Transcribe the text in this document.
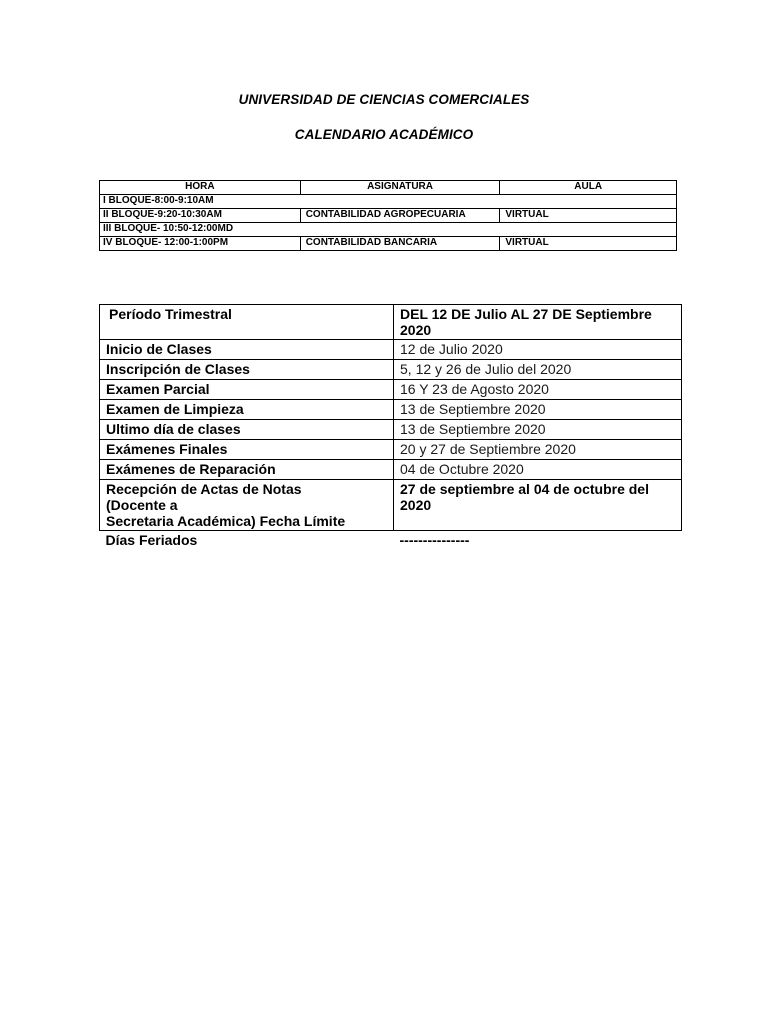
UNIVERSIDAD DE CIENCIAS COMERCIALES
CALENDARIO ACADÉMICO
HORA	ASIGNATURA	AULA
I BLOQUE-8:00-9:10AM		
II BLOQUE-9:20-10:30AM	CONTABILIDAD AGROPECUARIA	VIRTUAL
III BLOQUE- 10:50-12:00MD		
IV BLOQUE- 12:00-1:00PM	CONTABILIDAD BANCARIA	VIRTUAL
Período Trimestral	DEL 12 DE Julio AL 27 DE Septiembre 2020
Inicio de Clases	12 de Julio 2020
Inscripción de Clases	5, 12 y 26 de Julio del 2020
Examen Parcial	16 Y 23 de Agosto 2020
Examen de Limpieza	13 de Septiembre 2020
Ultimo día de clases	13 de Septiembre 2020
Exámenes Finales	20 y 27 de Septiembre 2020
Exámenes de Reparación	04 de Octubre 2020

Recepción de Actas de Notas
(Docente a
Secretaria Académica) Fecha Límite	27 de septiembre al 04 de octubre del 2020
Días Feriados	---------------
